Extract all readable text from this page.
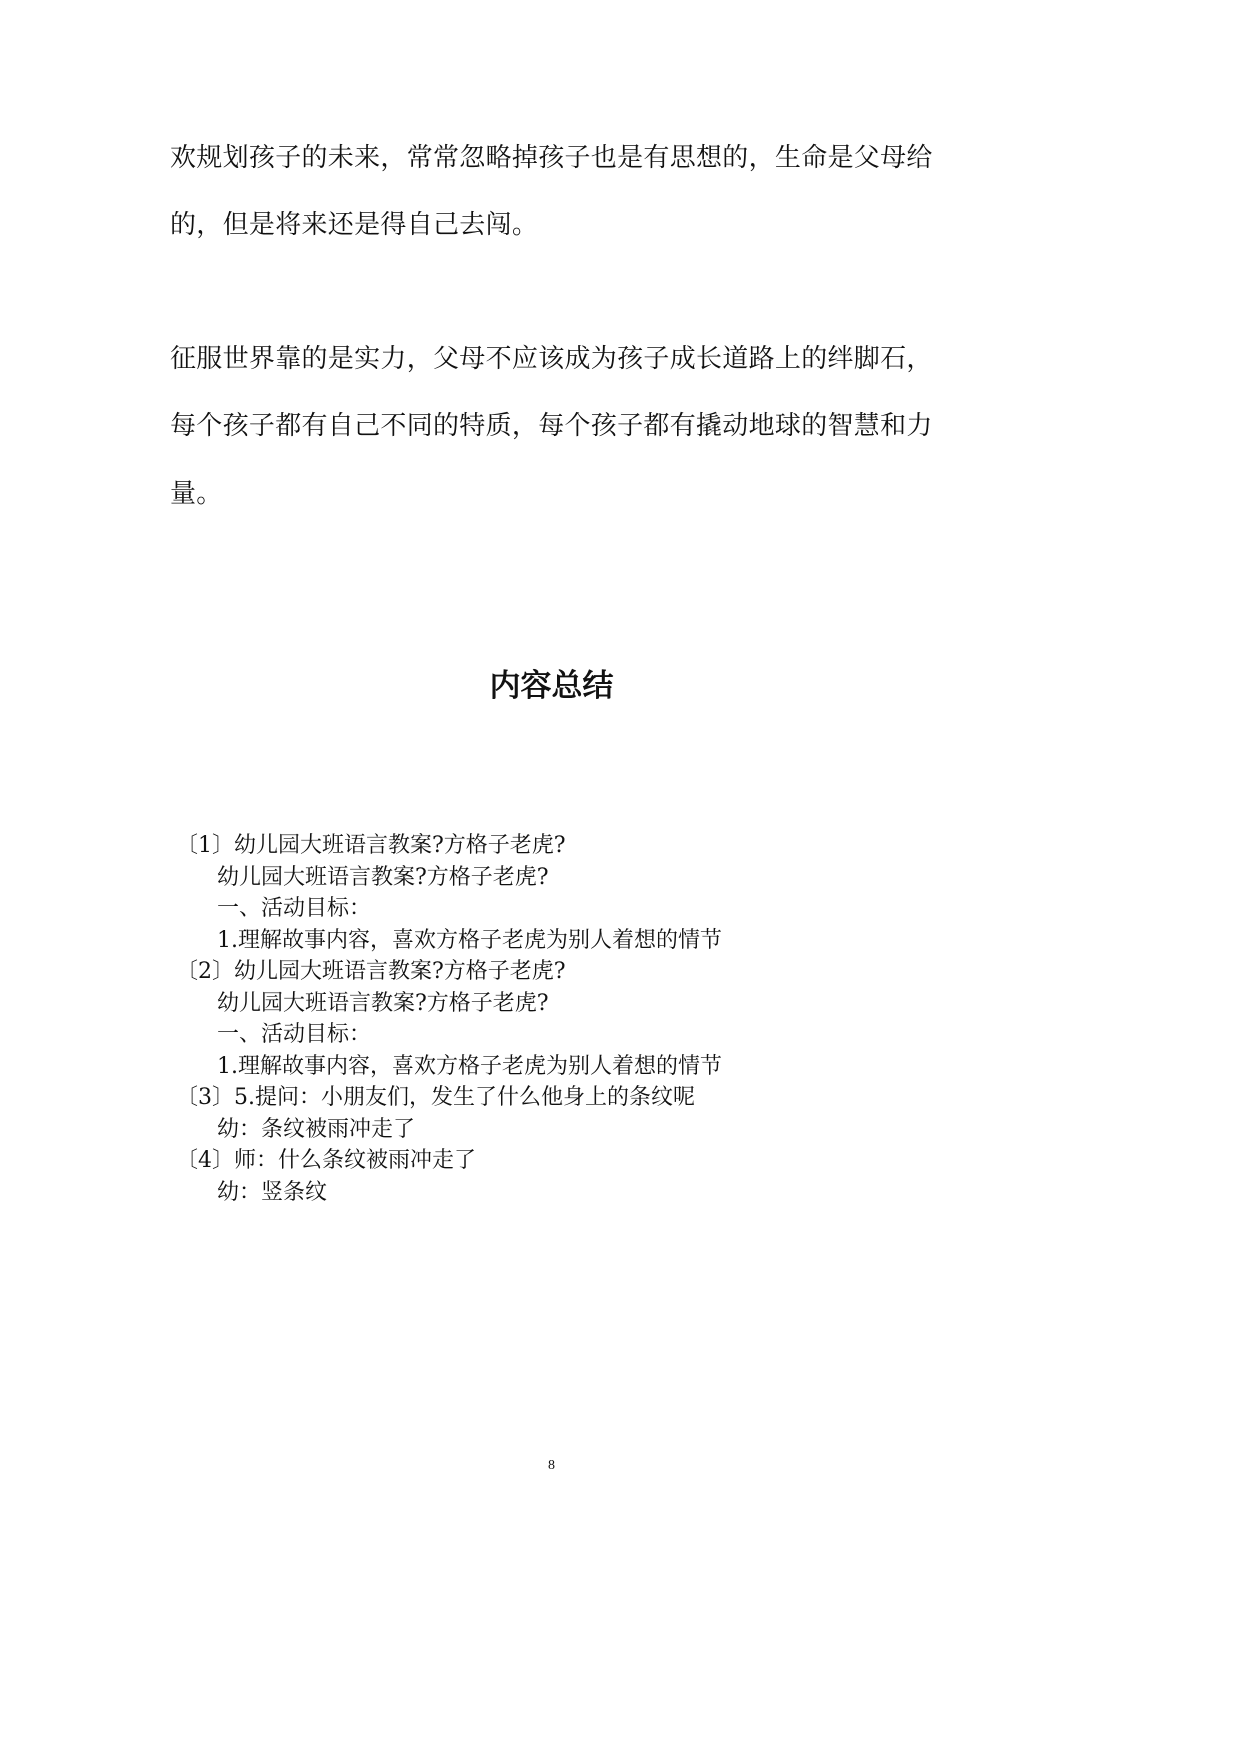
欢规划孩子的未来，常常忽略掉孩子也是有思想的，生命是父母给
的，但是将来还是得自己去闯。
征服世界靠的是实力，父母不应该成为孩子成长道路上的绊脚石，
每个孩子都有自己不同的特质，每个孩子都有撬动地球的智慧和力
量。
内容总结
〔1〕幼儿园大班语言教案?方格子老虎?
幼儿园大班语言教案?方格子老虎?
一、活动目标：
1.理解故事内容，喜欢方格子老虎为别人着想的情节
〔2〕幼儿园大班语言教案?方格子老虎?
幼儿园大班语言教案?方格子老虎?
一、活动目标：
1.理解故事内容，喜欢方格子老虎为别人着想的情节
〔3〕5.提问：小朋友们，发生了什么他身上的条纹呢
幼：条纹被雨冲走了
〔4〕师：什么条纹被雨冲走了
幼：竖条纹
8
